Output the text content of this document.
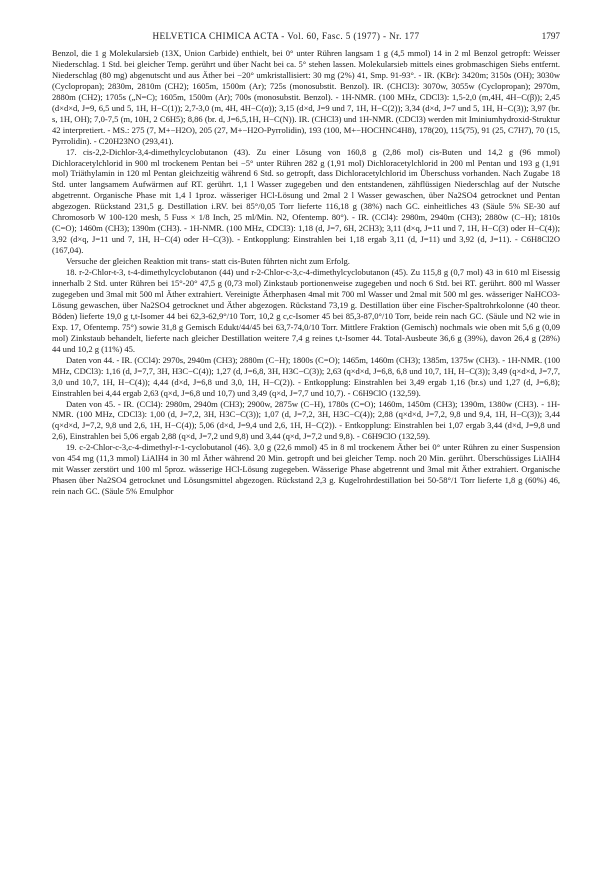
HELVETICA CHIMICA ACTA - Vol. 60, Fasc. 5 (1977) - Nr. 177	1797

Benzol, die 1 g Molekularsieb (13X, Union Carbide) enthielt, bei 0° unter Rühren langsam 1 g (4,5 mmol) 14 in 2 ml Benzol getropft: Weisser Niederschlag. 1 Std. bei gleicher Temp. gerührt und über Nacht bei ca. 5° stehen lassen. Molekularsieb mittels eines grobmaschigen Siebs entfernt. Niederschlag (80 mg) abgenutscht und aus Äther bei −20° umkristallisiert: 30 mg (2%) 41, Smp. 91-93°. - IR. (KBr): 3420m; 3150s (OH); 3030w (Cyclopropan); 2830m, 2810m (CH2); 1605m, 1500m (Ar); 725s (monosubstit. Benzol). IR. (CHCl3): 3070w, 3055w (Cyclopropan); 2970m, 2880m (CH2); 1705s („N=C); 1605m, 1500m (Ar); 700s (monosubstit. Benzol). - 1H-NMR. (100 MHz, CDCl3): 1,5-2,0 (m,4H, 4H−C(β)); 2,45 (d×d×d, J=9, 6,5 und 5, 1H, H−C(1)); 2,7-3,0 (m, 4H, 4H−C(α)); 3,15 (d×d, J=9 und 7, 1H, H−C(2)); 3,34 (d×d, J=7 und 5, 1H, H−C(3)); 3,97 (br. s, 1H, OH); 7,0-7,5 (m, 10H, 2 C6H5); 8,86 (br. d, J=6,5,1H, H−C(N)). IR. (CHCl3) und 1H-NMR. (CDCl3) werden mit Iminiumhydroxid-Struktur 42 interpretiert. - MS.: 275 (7, M+−H2O), 205 (27, M+−H2O-Pyrrolidin), 193 (100, M+−HOCHNC4H8), 178(20), 115(75), 91 (25, C7H7), 70 (15, Pyrrolidin). - C20H23NO (293,41).

17. cis-2,2-Dichlor-3,4-dimethylcyclobutanon (43). Zu einer Lösung von 160,8 g (2,86 mol) cis-Buten und 14,2 g (96 mmol) Dichloracetylchlorid in 900 ml trockenem Pentan bei −5° unter Rühren 282 g (1,91 mol) Dichloracetylchlorid in 200 ml Pentan und 193 g (1,91 mol) Triäthylamin in 120 ml Pentan gleichzeitig während 6 Std. so getropft, dass Dichloracetylchlorid im Überschuss vorhanden. Nach Zugabe 18 Std. unter langsamem Aufwärmen auf RT. gerührt. 1,1 l Wasser zugegeben und den entstandenen, zähflüssigen Niederschlag auf der Nutsche abgetrennt. Organische Phase mit 1,4 l 1proz. wässeriger HCl-Lösung und 2mal 2 l Wasser gewaschen, über Na2SO4 getrocknet und Pentan abgezogen. Rückstand 231,5 g. Destillation i.RV. bei 85°/0,05 Torr lieferte 116,18 g (38%) nach GC. einheitliches 43 (Säule 5% SE-30 auf Chromosorb W 100-120 mesh, 5 Fuss × 1/8 Inch, 25 ml/Min. N2, Ofentemp. 80°). - IR. (CCl4): 2980m, 2940m (CH3); 2880w (C−H); 1810s (C=O); 1460m (CH3); 1390m (CH3). - 1H-NMR. (100 MHz, CDCl3): 1,18 (d, J=7, 6H, 2CH3); 3,11 (d×q, J=11 und 7, 1H, H−C(3) oder H−C(4)); 3,92 (d×q, J=11 und 7, 1H, H−C(4) oder H−C(3)). - Entkopplung: Einstrahlen bei 1,18 ergab 3,11 (d, J=11) und 3,92 (d, J=11). - C6H8Cl2O (167,04).

Versuche der gleichen Reaktion mit trans- statt cis-Buten führten nicht zum Erfolg.

18. r-2-Chlor-t-3, t-4-dimethylcyclobutanon (44) und r-2-Chlor-c-3,c-4-dimethylcyclobutanon (45). Zu 115,8 g (0,7 mol) 43 in 610 ml Eisessig innerhalb 2 Std. unter Rühren bei 15°-20° 47,5 g (0,73 mol) Zinkstaub portionenweise zugegeben und noch 6 Std. bei RT. gerührt. 800 ml Wasser zugegeben und 3mal mit 500 ml Äther extrahiert. Vereinigte Ätherphasen 4mal mit 700 ml Wasser und 2mal mit 500 ml ges. wässeriger NaHCO3-Lösung gewaschen, über Na2SO4 getrocknet und Äther abgezogen. Rückstand 73,19 g. Destillation über eine Fischer-Spaltrohrkolonne (40 theor. Böden) lieferte 19,0 g t,t-Isomer 44 bei 62,3-62,9°/10 Torr, 10,2 g c,c-Isomer 45 bei 85,3-87,0°/10 Torr, beide rein nach GC. (Säule und N2 wie in Exp. 17, Ofentemp. 75°) sowie 31,8 g Gemisch Edukt/44/45 bei 63,7-74,0/10 Torr. Mittlere Fraktion (Gemisch) nochmals wie oben mit 5,6 g (0,09 mol) Zinkstaub behandelt, lieferte nach gleicher Destillation weitere 7,4 g reines t,t-Isomer 44. Total-Ausbeute 36,6 g (39%), davon 26,4 g (28%) 44 und 10,2 g (11%) 45.

Daten von 44. - IR. (CCl4): 2970s, 2940m (CH3); 2880m (C−H); 1800s (C=O); 1465m, 1460m (CH3); 1385m, 1375w (CH3). - 1H-NMR. (100 MHz, CDCl3): 1,16 (d, J=7,7, 3H, H3C−C(4)); 1,27 (d, J=6,8, 3H, H3C−C(3)); 2,63 (q×d×d, J=6,8, 6,8 und 10,7, 1H, H−C(3)); 3,49 (q×d×d, J=7,7, 3,0 und 10,7, 1H, H−C(4)); 4,44 (d×d, J=6,8 und 3,0, 1H, H−C(2)). - Entkopplung: Einstrahlen bei 3,49 ergab 1,16 (br.s) und 1,27 (d, J=6,8); Einstrahlen bei 4,44 ergab 2,63 (q×d, J=6,8 und 10,7) und 3,49 (q×d, J=7,7 und 10,7). - C6H9ClO (132,59).

Daten von 45. - IR. (CCl4): 2980m, 2940m (CH3); 2900w, 2875w (C−H), 1780s (C=O); 1460m, 1450m (CH3); 1390m, 1380w (CH3). - 1H-NMR. (100 MHz, CDCl3): 1,00 (d, J=7,2, 3H, H3C−C(3)); 1,07 (d, J=7,2, 3H, H3C−C(4)); 2,88 (q×d×d, J=7,2, 9,8 und 9,4, 1H, H−C(3)); 3,44 (q×d×d, J=7,2, 9,8 und 2,6, 1H, H−C(4)); 5,06 (d×d, J=9,4 und 2,6, 1H, H−C(2)). - Entkopplung: Einstrahlen bei 1,07 ergab 3,44 (d×d, J=9,8 und 2,6), Einstrahlen bei 5,06 ergab 2,88 (q×d, J=7,2 und 9,8) und 3,44 (q×d, J=7,2 und 9,8). - C6H9ClO (132,59).

19. c-2-Chlor-c-3,c-4-dimethyl-r-1-cyclobutanol (46). 3,0 g (22,6 mmol) 45 in 8 ml trockenem Äther bei 0° unter Rühren zu einer Suspension von 454 mg (11,3 mmol) LiAlH4 in 30 ml Äther während 20 Min. getropft und bei gleicher Temp. noch 20 Min. gerührt. Überschüssiges LiAlH4 mit Wasser zerstört und 100 ml 5proz. wässerige HCl-Lösung zugegeben. Wässerige Phase abgetrennt und 3mal mit Äther extrahiert. Organische Phasen über Na2SO4 getrocknet und Lösungsmittel abgezogen. Rückstand 2,3 g. Kugelrohrdestillation bei 50-58°/1 Torr lieferte 1,8 g (60%) 46, rein nach GC. (Säule 5% Emulphor
